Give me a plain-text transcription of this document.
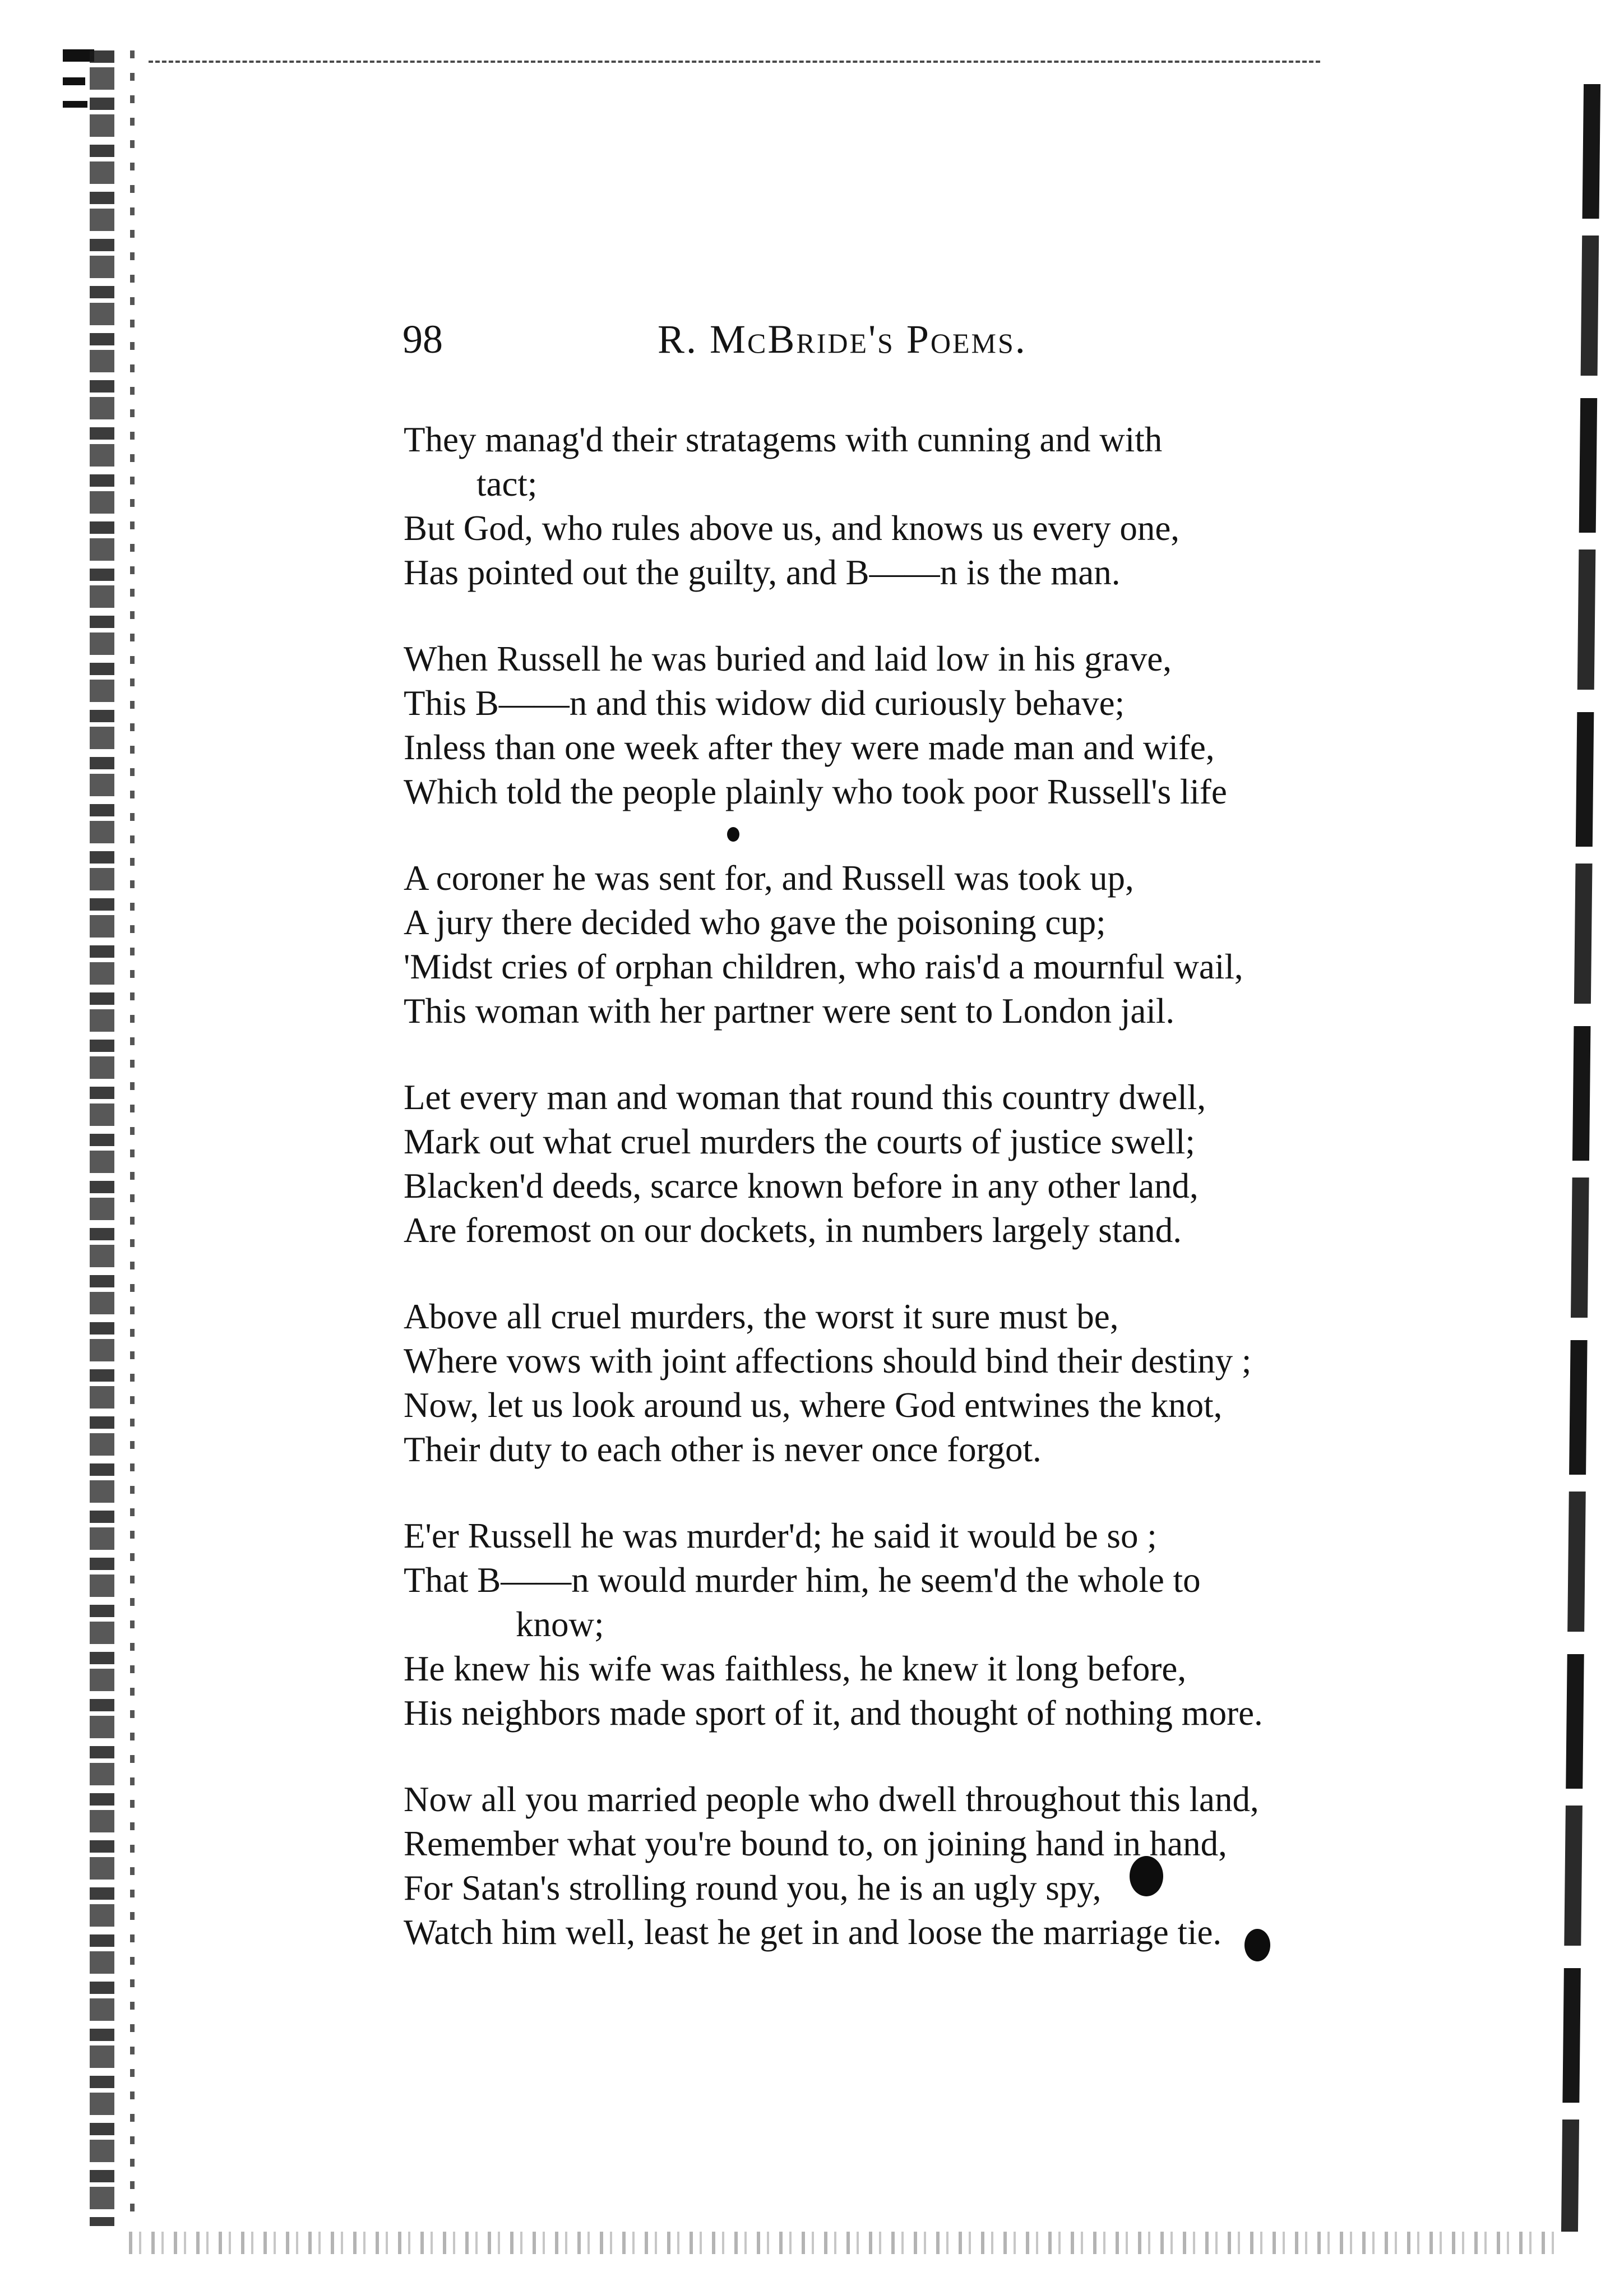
98	R. McBride's Poems.
They manag'd their stratagems with cunning and with
tact;
But God, who rules above us, and knows us every one,
Has pointed out the guilty, and B——n is the man.
When Russell he was buried and laid low in his grave,
This B——n and this widow did curiously behave;
Inless than one week after they were made man and wife,
Which told the people plainly who took poor Russell's life
A coroner he was sent for, and Russell was took up,
A jury there decided who gave the poisoning cup;
'Midst cries of orphan children, who rais'd a mournful wail,
This woman with her partner were sent to London jail.
Let every man and woman that round this country dwell,
Mark out what cruel murders the courts of justice swell;
Blacken'd deeds, scarce known before in any other land,
Are foremost on our dockets, in numbers largely stand.
Above all cruel murders, the worst it sure must be,
Where vows with joint affections should bind their destiny ;
Now, let us look around us, where God entwines the knot,
Their duty to each other is never once forgot.
E'er Russell he was murder'd; he said it would be so ;
That B——n would murder him, he seem'd the whole to
know;
He knew his wife was faithless, he knew it long before,
His neighbors made sport of it, and thought of nothing more.
Now all you married people who dwell throughout this land,
Remember what you're bound to, on joining hand in hand,
For Satan's strolling round you, he is an ugly spy,
Watch him well, least he get in and loose the marriage tie.
